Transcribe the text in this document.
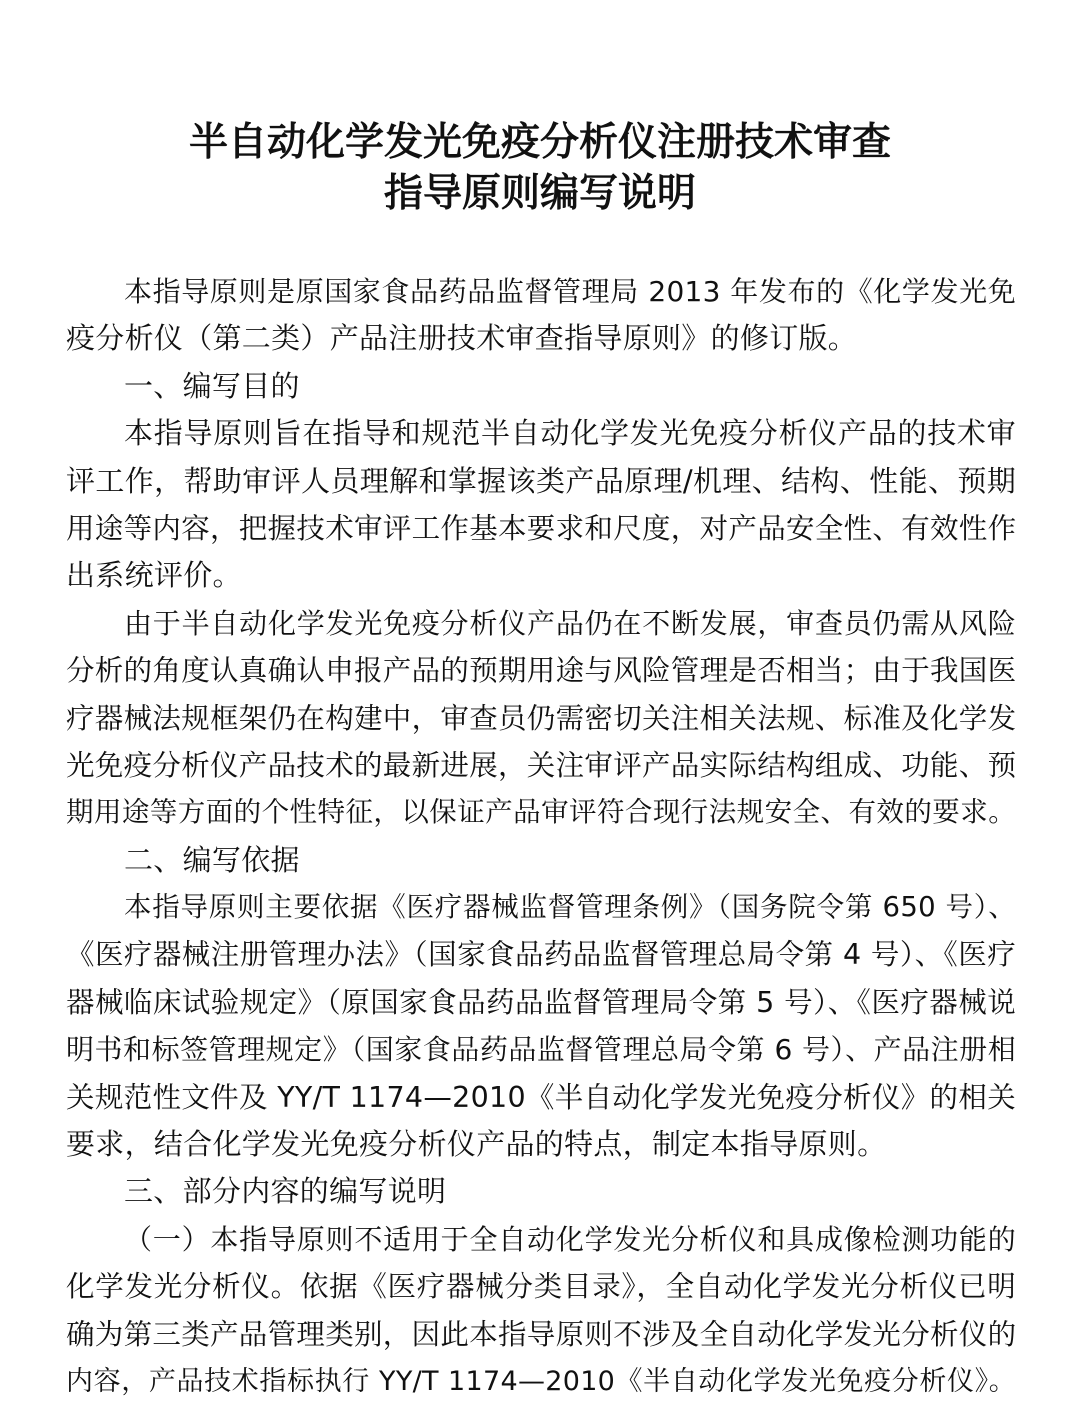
半自动化学发光免疫分析仪注册技术审查
指导原则编写说明
本指导原则是原国家食品药品监督管理局 2013 年发布的《化学发光免
疫分析仪（第二类）产品注册技术审查指导原则》的修订版。
一、编写目的
本指导原则旨在指导和规范半自动化学发光免疫分析仪产品的技术审
评工作，帮助审评人员理解和掌握该类产品原理/机理、结构、性能、预期
用途等内容，把握技术审评工作基本要求和尺度，对产品安全性、有效性作
出系统评价。
由于半自动化学发光免疫分析仪产品仍在不断发展，审查员仍需从风险
分析的角度认真确认申报产品的预期用途与风险管理是否相当；由于我国医
疗器械法规框架仍在构建中，审查员仍需密切关注相关法规、标准及化学发
光免疫分析仪产品技术的最新进展，关注审评产品实际结构组成、功能、预
期用途等方面的个性特征，以保证产品审评符合现行法规安全、有效的要求。
二、编写依据
本指导原则主要依据《医疗器械监督管理条例》（国务院令第 650 号）、
《医疗器械注册管理办法》（国家食品药品监督管理总局令第 4 号）、《医疗
器械临床试验规定》（原国家食品药品监督管理局令第 5 号）、《医疗器械说
明书和标签管理规定》（国家食品药品监督管理总局令第 6 号）、产品注册相
关规范性文件及 YY/T 1174—2010《半自动化学发光免疫分析仪》的相关
要求，结合化学发光免疫分析仪产品的特点，制定本指导原则。
三、部分内容的编写说明
（一）本指导原则不适用于全自动化学发光分析仪和具成像检测功能的
化学发光分析仪。依据《医疗器械分类目录》，全自动化学发光分析仪已明
确为第三类产品管理类别，因此本指导原则不涉及全自动化学发光分析仪的
内容，产品技术指标执行 YY/T 1174—2010《半自动化学发光免疫分析仪》。
